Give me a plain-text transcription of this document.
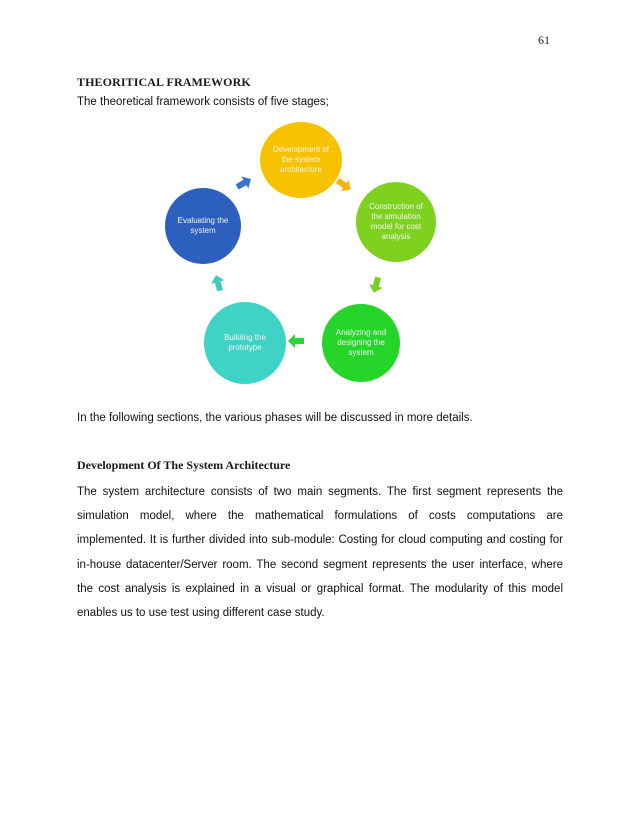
61
THEORITICAL FRAMEWORK
The theoretical framework consists of five stages;
Development of the system architecture
Construction of the simulation model for cost analysis
Analyzing and designing the system
Building the prototype
Evaluating the system
In the following sections, the various phases will be discussed in more details.
Development Of The System Architecture
The system architecture consists of two main segments. The first segment represents the simulation model, where the mathematical formulations of costs computations are implemented. It is further divided into sub-module: Costing for cloud computing and costing for in-house datacenter/Server room. The second segment represents the user interface, where the cost analysis is explained in a visual or graphical format. The modularity of this model enables us to use test using different case study.
